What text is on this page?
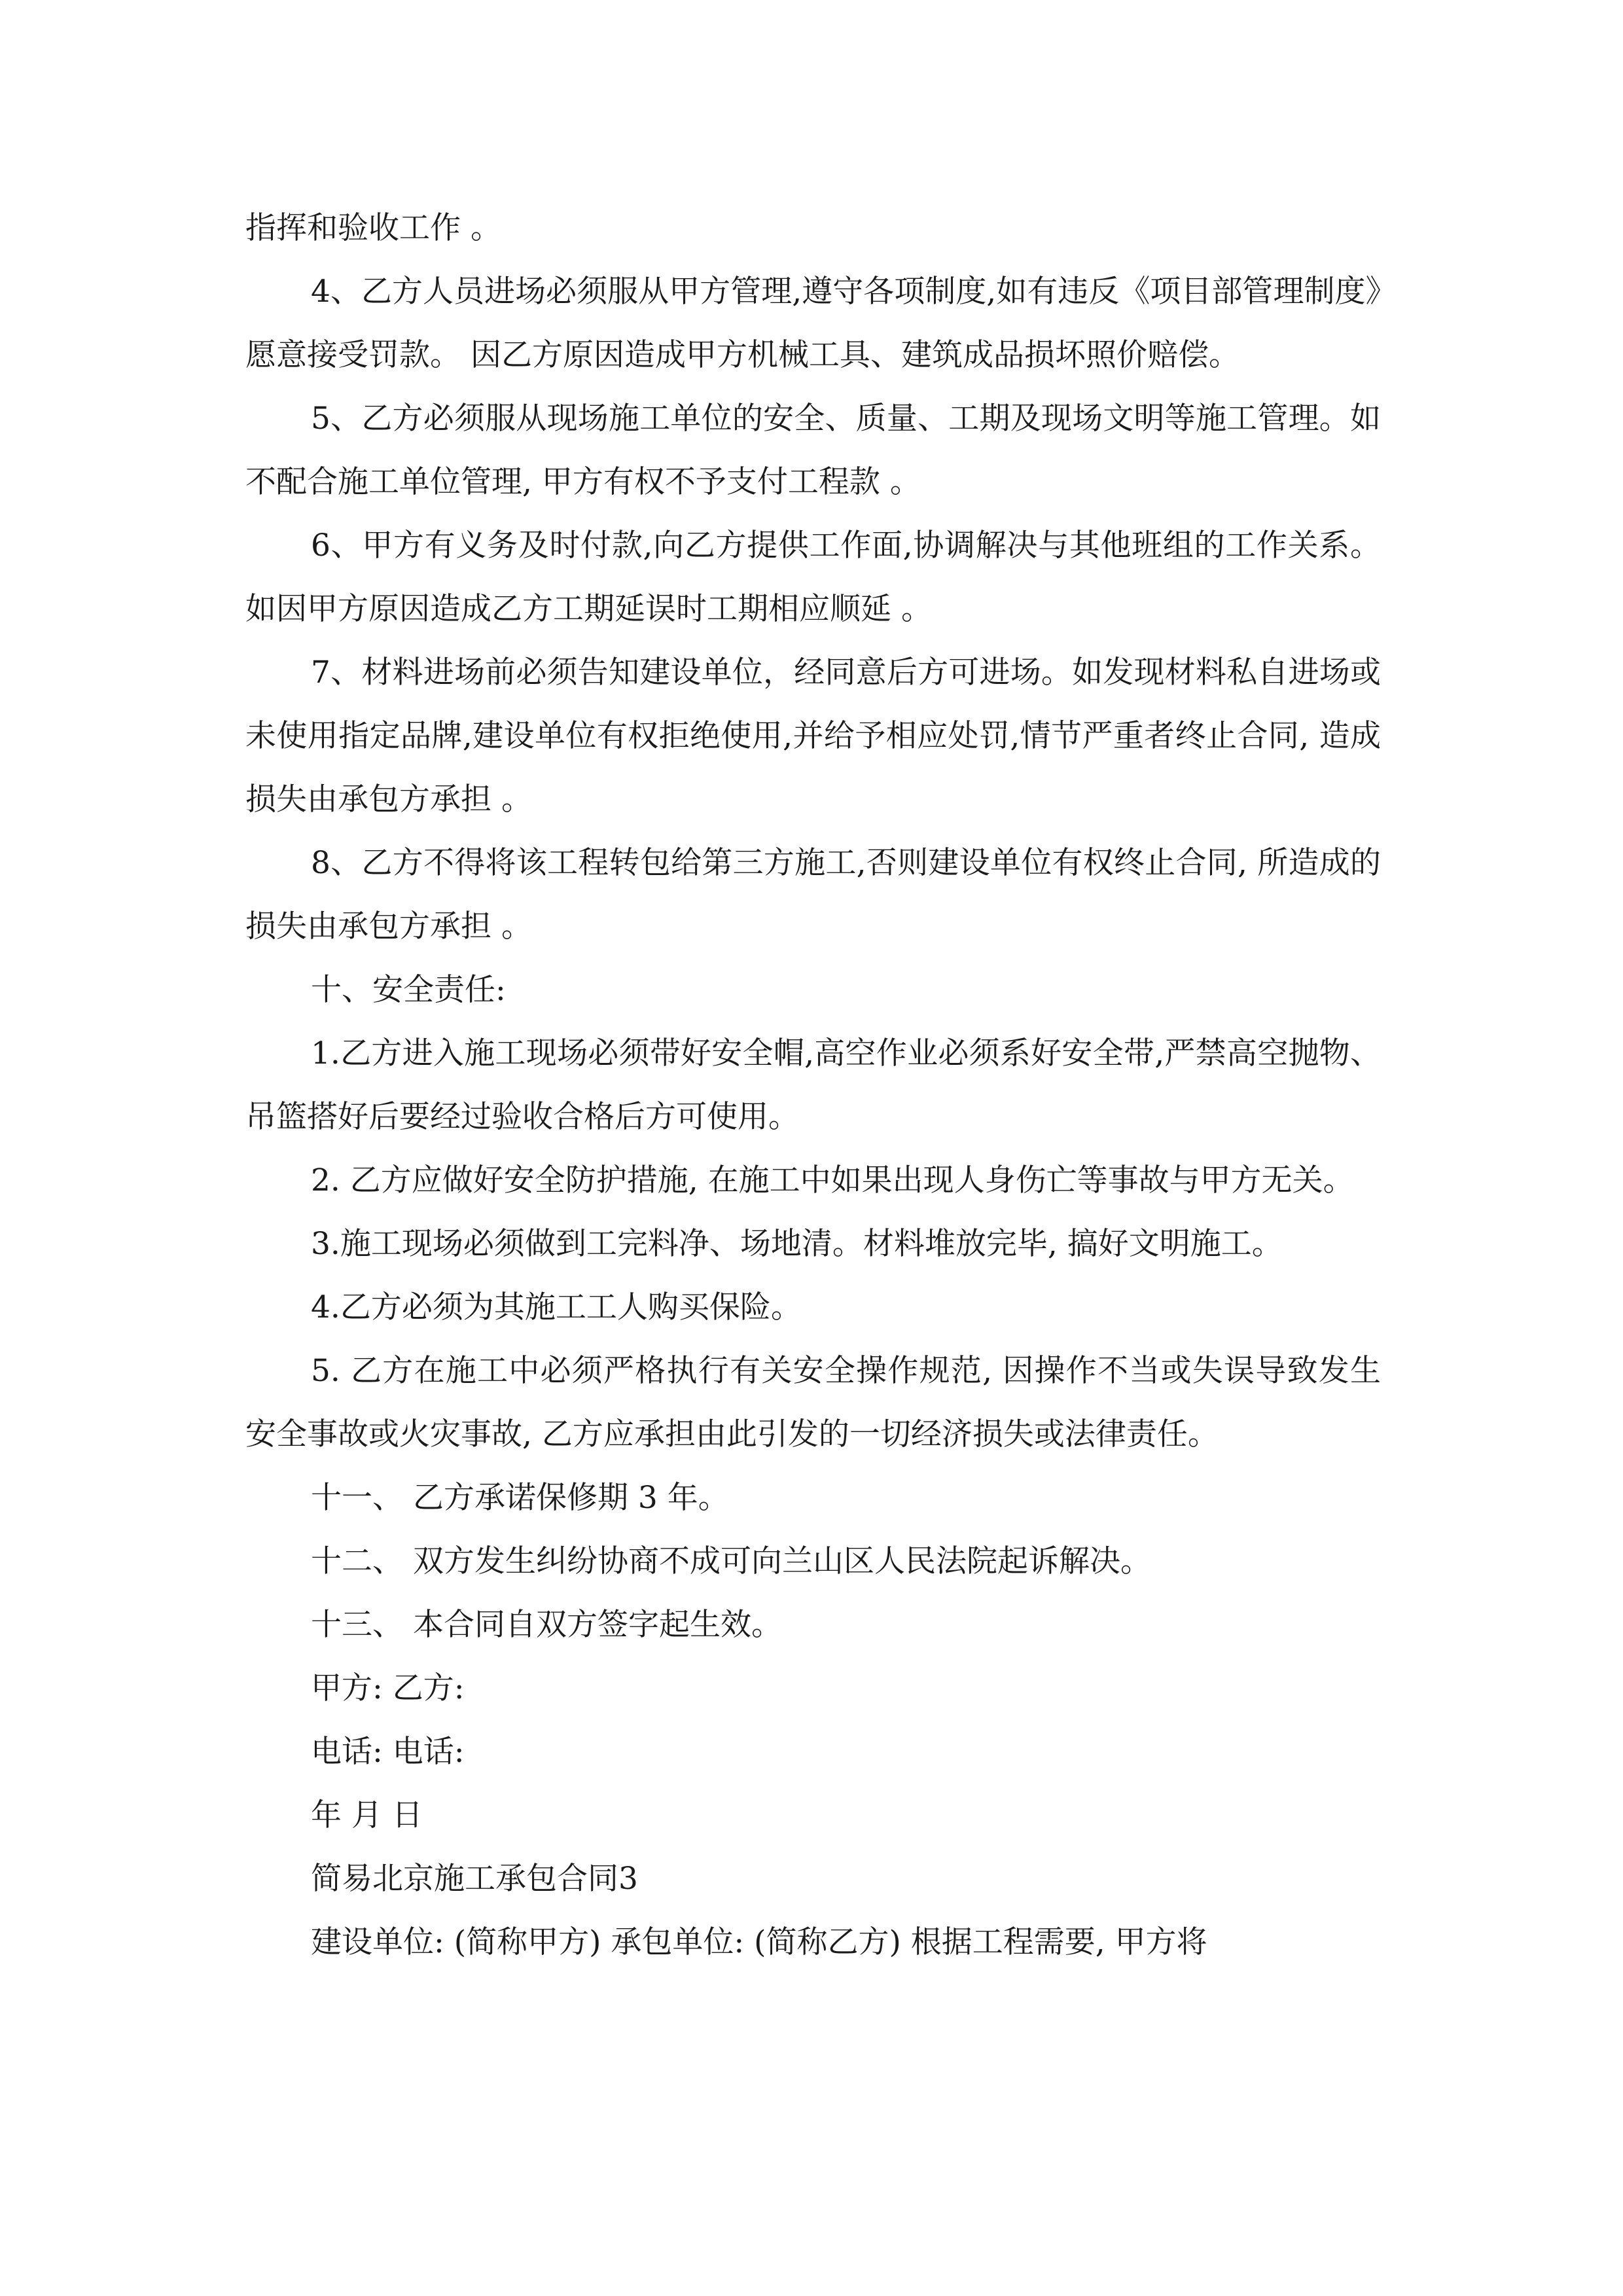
指挥和验收工作 。

4、乙方人员进场必须服从甲方管理,遵守各项制度,如有违反《项目部管理制度》愿意接受罚款。 因乙方原因造成甲方机械工具、建筑成品损坏照价赔偿。

5、乙方必须服从现场施工单位的安全、质量、工期及现场文明等施工管理。如不配合施工单位管理, 甲方有权不予支付工程款 。

6、甲方有义务及时付款,向乙方提供工作面,协调解决与其他班组的工作关系。如因甲方原因造成乙方工期延误时工期相应顺延 。

7、材料进场前必须告知建设单位，经同意后方可进场。如发现材料私自进场或未使用指定品牌,建设单位有权拒绝使用,并给予相应处罚,情节严重者终止合同, 造成损失由承包方承担 。

8、乙方不得将该工程转包给第三方施工,否则建设单位有权终止合同, 所造成的损失由承包方承担 。

十、安全责任:

1.乙方进入施工现场必须带好安全帽,高空作业必须系好安全带,严禁高空抛物、吊篮搭好后要经过验收合格后方可使用。

2. 乙方应做好安全防护措施, 在施工中如果出现人身伤亡等事故与甲方无关。

3.施工现场必须做到工完料净、场地清。材料堆放完毕, 搞好文明施工。

4.乙方必须为其施工工人购买保险。

5. 乙方在施工中必须严格执行有关安全操作规范, 因操作不当或失误导致发生安全事故或火灾事故, 乙方应承担由此引发的一切经济损失或法律责任。

十一、 乙方承诺保修期 3 年。

十二、 双方发生纠纷协商不成可向兰山区人民法院起诉解决。

十三、 本合同自双方签字起生效。

甲方: 乙方:

电话: 电话:

年 月 日

简易北京施工承包合同3

建设单位: (简称甲方) 承包单位: (简称乙方) 根据工程需要, 甲方将
